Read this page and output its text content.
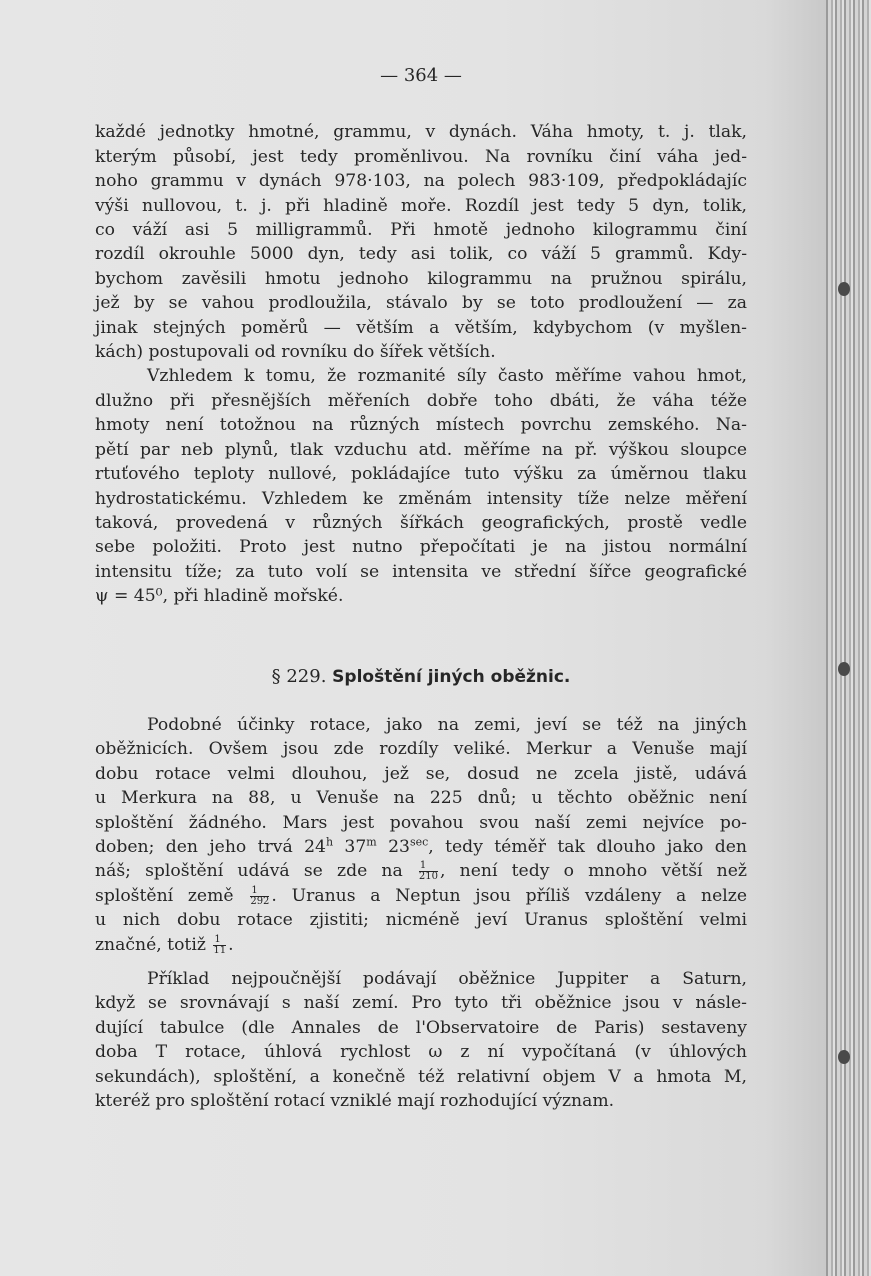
— 364 —
každé jednotky hmotné, grammu, v dynách. Váha hmoty, t. j. tlak,
kterým působí, jest tedy proměnlivou. Na rovníku činí váha jed-
noho grammu v dynách 978·103, na polech 983·109, předpokládajíc
výši nullovou, t. j. při hladině moře. Rozdíl jest tedy 5 dyn, tolik,
co váží asi 5 milligrammů. Při hmotě jednoho kilogrammu činí
rozdíl okrouhle 5000 dyn, tedy asi tolik, co váží 5 grammů. Kdy-
bychom zavěsili hmotu jednoho kilogrammu na pružnou spirálu,
jež by se vahou prodloužila, stávalo by se toto prodloužení — za
jinak stejných poměrů — větším a větším, kdybychom (v myšlen-
kách) postupovali od rovníku do šířek větších.
Vzhledem k tomu, že rozmanité síly často měříme vahou hmot,
dlužno při přesnějších měřeních dobře toho dbáti, že váha téže
hmoty není totožnou na různých místech povrchu zemského. Na-
pětí par neb plynů, tlak vzduchu atd. měříme na př. výškou sloupce
rtuťového teploty nullové, pokládajíce tuto výšku za úměrnou tlaku
hydrostatickému. Vzhledem ke změnám intensity tíže nelze měření
taková, provedená v různých šířkách geografických, prostě vedle
sebe položiti. Proto jest nutno přepočítati je na jistou normální
intensitu tíže; za tuto volí se intensita ve střední šířce geografické
ψ = 45⁰, při hladině mořské.
§ 229. Sploštění jiných oběžnic.
Podobné účinky rotace, jako na zemi, jeví se též na jiných
oběžnicích. Ovšem jsou zde rozdíly veliké. Merkur a Venuše mají
dobu rotace velmi dlouhou, jež se, dosud ne zcela jistě, udává
u Merkura na 88, u Venuše na 225 dnů; u těchto oběžnic není
sploštění žádného. Mars jest povahou svou naší zemi nejvíce po-
doben; den jeho trvá 24$^h$ 37$^m$ $23^{sec}$, tedy téměř tak dlouho jako den
náš; sploštění udává se zde na $\frac{1}{210}$ , není tedy o mnoho větší než
sploštění země $\frac{1}{292}$ . Uranus a Neptun jsou příliš vzdáleny a nelze
u nich dobu rotace zjistiti; nicméně jeví Uranus sploštění velmi
značné, totiž $\frac{1}{11}$ .
Příklad nejpoučnější podávají oběžnice Juppiter a Saturn,
když se srovnávají s naší zemí. Pro tyto tři oběžnice jsou v násle-
dující tabulce (dle Annales de l'Observatoire de Paris) sestaveny
doba T rotace, úhlová rychlost ω z ní vypočítaná (v úhlových
sekundách), sploštění, a konečně též relativní objem V a hmota M,
kteréž pro sploštění rotací vzniklé mají rozhodující význam.
